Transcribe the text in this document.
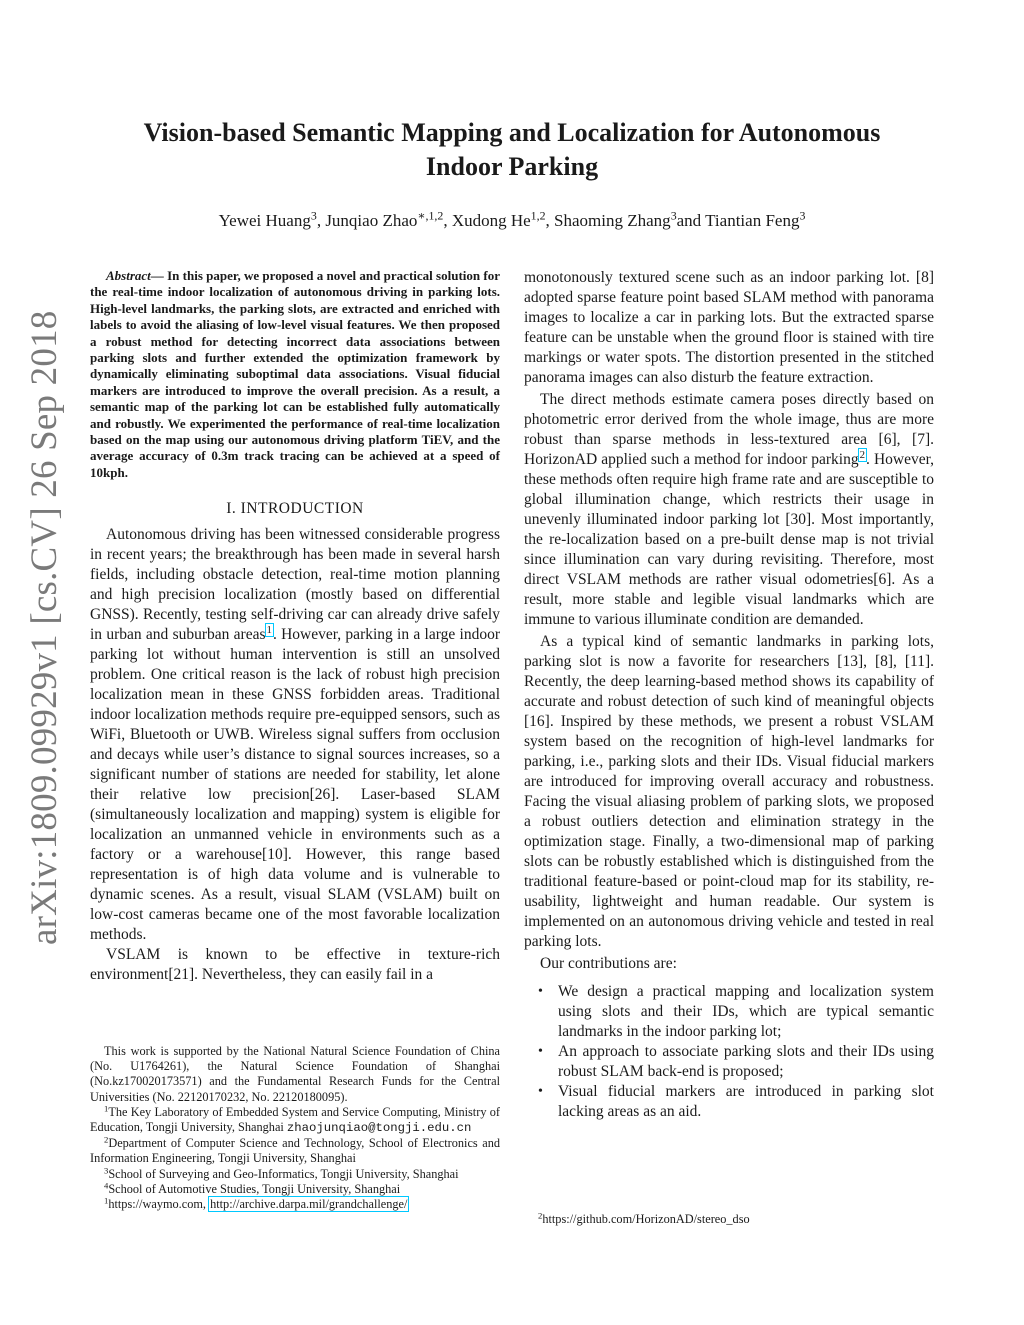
arXiv:1809.09929v1 [cs.CV] 26 Sep 2018
Vision-based Semantic Mapping and Localization for Autonomous
Indoor Parking
Yewei Huang$^3$, Junqiao Zhao$^{∗,1,2}$, Xudong He$^{1,2}$, Shaoming Zhang$^3$and Tiantian Feng$^3$

Abstract— In this paper, we proposed a novel and practical solution for the real-time indoor localization of autonomous driving in parking lots. High-level landmarks, the parking slots, are extracted and enriched with labels to avoid the aliasing of low-level visual features. We then proposed a robust method for detecting incorrect data associations between parking slots and further extended the optimization framework by dynamically eliminating suboptimal data associations. Visual fiducial markers are introduced to improve the overall precision. As a result, a semantic map of the parking lot can be established fully automatically and robustly. We experimented the performance of real-time localization based on the map using our autonomous driving platform TiEV, and the average accuracy of 0.3m track tracing can be achieved at a speed of 10kph.

I. INTRODUCTION

Autonomous driving has been witnessed considerable progress in recent years; the breakthrough has been made in several harsh fields, including obstacle detection, real-time motion planning and high precision localization (mostly based on differential GNSS). Recently, testing self-driving car can already drive safely in urban and suburban areas$^1$. However, parking in a large indoor parking lot without human intervention is still an unsolved problem. One critical reason is the lack of robust high precision localization mean in these GNSS forbidden areas. Traditional indoor localization methods require pre-equipped sensors, such as WiFi, Bluetooth or UWB. Wireless signal suffers from occlusion and decays while user’s distance to signal sources increases, so a significant number of stations are needed for stability, let alone their relative low precision[26]. Laser-based SLAM (simultaneously localization and mapping) system is eligible for localization an unmanned vehicle in environments such as a factory or a warehouse[10]. However, this range based representation is of high data volume and is vulnerable to dynamic scenes. As a result, visual SLAM (VSLAM) built on low-cost cameras became one of the most favorable localization methods.

VSLAM is known to be effective in texture-rich environment[21]. Nevertheless, they can easily fail in a

monotonously textured scene such as an indoor parking lot. [8] adopted sparse feature point based SLAM method with panorama images to localize a car in parking lots. But the extracted sparse feature can be unstable when the ground floor is stained with tire markings or water spots. The distortion presented in the stitched panorama images can also disturb the feature extraction.

The direct methods estimate camera poses directly based on photometric error derived from the whole image, thus are more robust than sparse methods in less-textured area [6], [7]. HorizonAD applied such a method for indoor parking$^2$. However, these methods often require high frame rate and are susceptible to global illumination change, which restricts their usage in unevenly illuminated indoor parking lot [30]. Most importantly, the re-localization based on a pre-built dense map is not trivial since illumination can vary during revisiting. Therefore, most direct VSLAM methods are rather visual odometries[6]. As a result, more stable and legible visual landmarks which are immune to various illuminate condition are demanded.

As a typical kind of semantic landmarks in parking lots, parking slot is now a favorite for researchers [13], [8], [11]. Recently, the deep learning-based method shows its capability of accurate and robust detection of such kind of meaningful objects [16]. Inspired by these methods, we present a robust VSLAM system based on the recognition of high-level landmarks for parking, i.e., parking slots and their IDs. Visual fiducial markers are introduced for improving overall accuracy and robustness. Facing the visual aliasing problem of parking slots, we proposed a robust outliers detection and elimination strategy in the optimization stage. Finally, a two-dimensional map of parking slots can be robustly established which is distinguished from the traditional feature-based or point-cloud map for its stability, re-usability, lightweight and human readable. Our system is implemented on an autonomous driving vehicle and tested in real parking lots.

Our contributions are:

• We design a practical mapping and localization system using slots and their IDs, which are typical semantic landmarks in the indoor parking lot;
• An approach to associate parking slots and their IDs using robust SLAM back-end is proposed;
• Visual fiducial markers are introduced in parking slot lacking areas as an aid.

This work is supported by the National Natural Science Foundation of China (No. U1764261), the Natural Science Foundation of Shanghai (No.kz170020173571) and the Fundamental Research Funds for the Central Universities (No. 22120170232, No. 22120180095).

$^1$The Key Laboratory of Embedded System and Service Computing, Ministry of Education, Tongji University, Shanghai zhaojunqiao@tongji.edu.cn

$^2$Department of Computer Science and Technology, School of Electronics and Information Engineering, Tongji University, Shanghai

$^3$School of Surveying and Geo-Informatics, Tongji University, Shanghai

$^4$School of Automotive Studies, Tongji University, Shanghai

$^1$https://waymo.com, http://archive.darpa.mil/grandchallenge/

$^2$https://github.com/HorizonAD/stereo_dso
